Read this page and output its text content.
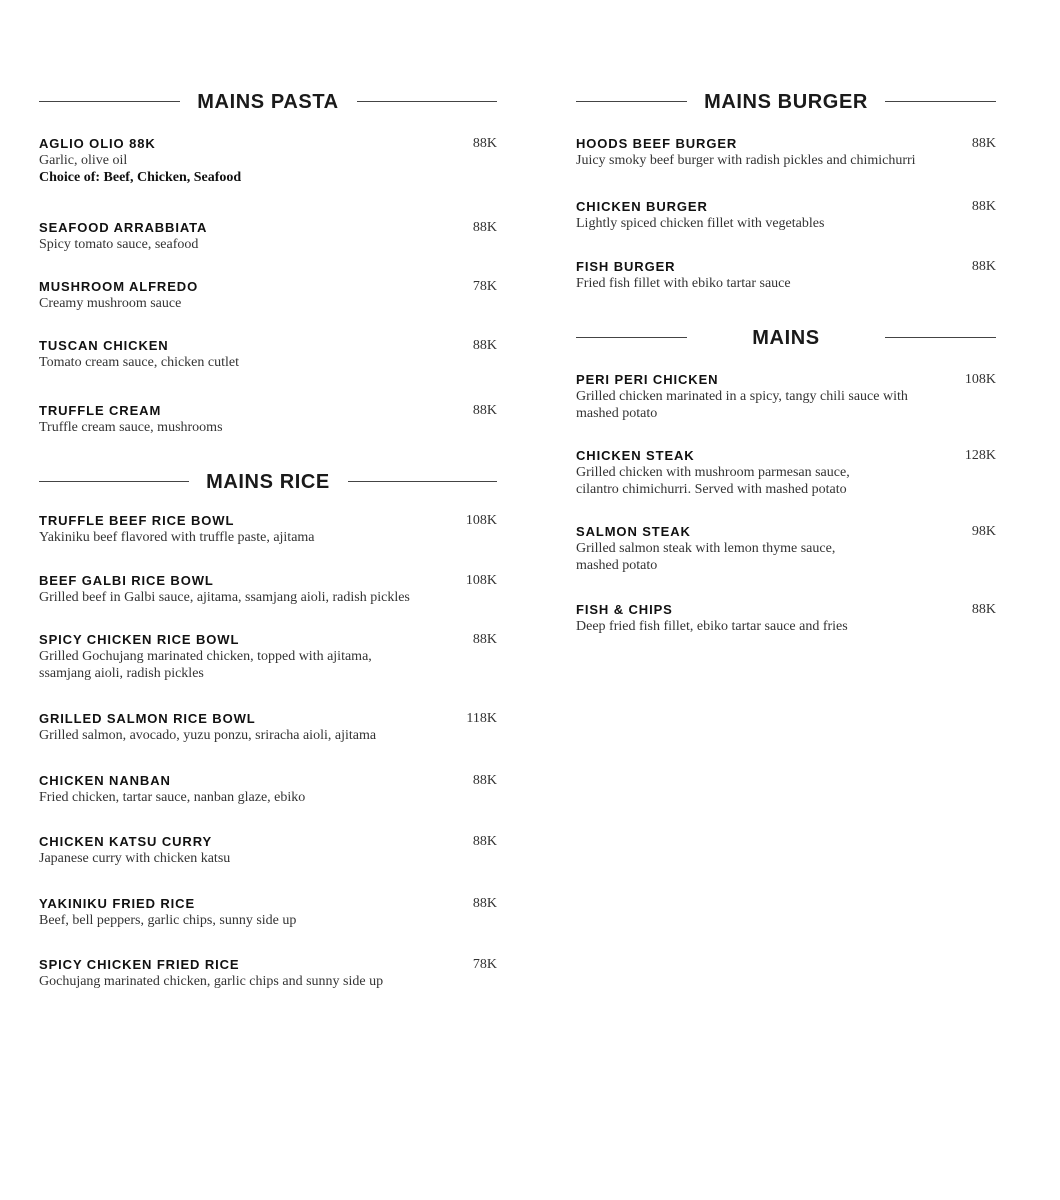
MAINS PASTA
AGLIO OLIO 88K
Garlic, olive oil
Choice of: Beef, Chicken, Seafood
88K
SEAFOOD ARRABBIATA
Spicy tomato sauce, seafood
88K
MUSHROOM ALFREDO
Creamy mushroom sauce
78K
TUSCAN CHICKEN
Tomato cream sauce, chicken cutlet
88K
TRUFFLE CREAM
Truffle cream sauce, mushrooms
88K
MAINS RICE
TRUFFLE BEEF RICE BOWL
Yakiniku beef flavored with truffle paste, ajitama
108K
BEEF GALBI RICE BOWL
Grilled beef in Galbi sauce, ajitama, ssamjang aioli, radish pickles
108K
SPICY CHICKEN RICE BOWL
Grilled Gochujang marinated chicken, topped with ajitama, ssamjang aioli, radish pickles
88K
GRILLED SALMON RICE BOWL
Grilled salmon, avocado, yuzu ponzu, sriracha aioli, ajitama
118K
CHICKEN NANBAN
Fried chicken, tartar sauce, nanban glaze, ebiko
88K
CHICKEN KATSU CURRY
Japanese curry with chicken katsu
88K
YAKINIKU FRIED RICE
Beef, bell peppers, garlic chips, sunny side up
88K
SPICY CHICKEN FRIED RICE
Gochujang marinated chicken, garlic chips and sunny side up
78K
MAINS BURGER
HOODS BEEF BURGER
Juicy smoky beef burger with radish pickles and chimichurri
88K
CHICKEN BURGER
Lightly spiced chicken fillet with vegetables
88K
FISH BURGER
Fried fish fillet with ebiko tartar sauce
88K
MAINS
PERI PERI CHICKEN
Grilled chicken marinated in a spicy, tangy chili sauce with mashed potato
108K
CHICKEN STEAK
Grilled chicken with mushroom parmesan sauce, cilantro chimichurri. Served with mashed potato
128K
SALMON STEAK
Grilled salmon steak with lemon thyme sauce, mashed potato
98K
FISH & CHIPS
Deep fried fish fillet, ebiko tartar sauce and fries
88K
